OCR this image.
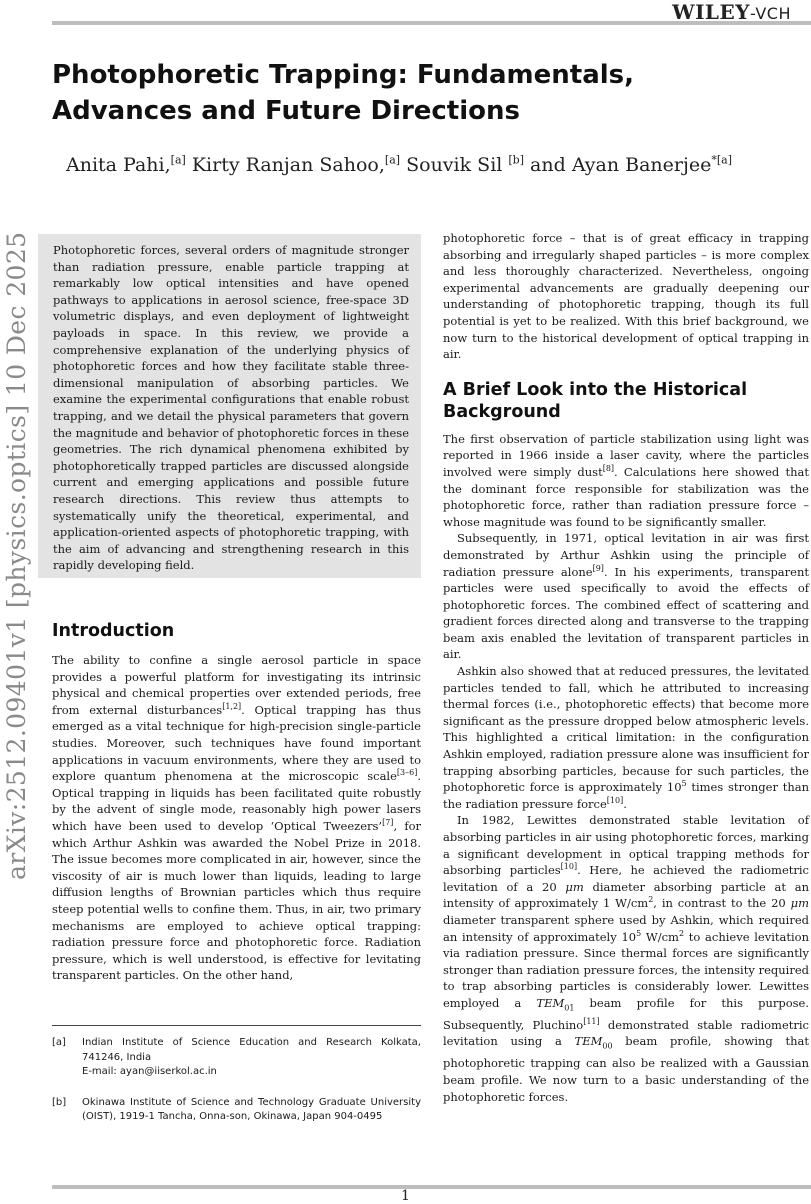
WILEY-VCH
arXiv:2512.09401v1 [physics.optics] 10 Dec 2025
Photophoretic Trapping: Fundamentals, Advances and Future Directions
Anita Pahi,[a] Kirty Ranjan Sahoo,[a] Souvik Sil [b] and Ayan Banerjee$^{*[a]}$

Photophoretic forces, several orders of magnitude stronger than radiation pressure, enable particle trapping at remarkably low optical intensities and have opened pathways to applications in aerosol science, free-space 3D volumetric displays, and even deployment of lightweight payloads in space. In this review, we provide a comprehensive explanation of the underlying physics of photophoretic forces and how they facilitate stable three-dimensional manipulation of absorbing particles. We examine the experimental configurations that enable robust trapping, and we detail the physical parameters that govern the magnitude and behavior of photophoretic forces in these geometries. The rich dynamical phenomena exhibited by photophoretically trapped particles are discussed alongside current and emerging applications and possible future research directions. This review thus attempts to systematically unify the theoretical, experimental, and application-oriented aspects of photophoretic trapping, with the aim of advancing and strengthening research in this rapidly developing field.

Introduction

The ability to confine a single aerosol particle in space provides a powerful platform for investigating its intrinsic physical and chemical properties over extended periods, free from external disturbances[1,2]. Optical trapping has thus emerged as a vital technique for high-precision single-particle studies. Moreover, such techniques have found important applications in vacuum environments, where they are used to explore quantum phenomena at the microscopic scale[3–6]. Optical trapping in liquids has been facilitated quite robustly by the advent of single mode, reasonably high power lasers which have been used to develop ‘Optical Tweezers’[7], for which Arthur Ashkin was awarded the Nobel Prize in 2018. The issue becomes more complicated in air, however, since the viscosity of air is much lower than liquids, leading to large diffusion lengths of Brownian particles which thus require steep potential wells to confine them. Thus, in air, two primary mechanisms are employed to achieve optical trapping: radiation pressure force and photophoretic force. Radiation pressure, which is well understood, is effective for levitating transparent particles. On the other hand,

photophoretic force – that is of great efficacy in trapping absorbing and irregularly shaped particles – is more complex and less thoroughly characterized. Nevertheless, ongoing experimental advancements are gradually deepening our understanding of photophoretic trapping, though its full potential is yet to be realized. With this brief background, we now turn to the historical development of optical trapping in air.

A Brief Look into the Historical Background

The first observation of particle stabilization using light was reported in 1966 inside a laser cavity, where the particles involved were simply dust[8]. Calculations here showed that the dominant force responsible for stabilization was the photophoretic force, rather than radiation pressure force – whose magnitude was found to be significantly smaller.

Subsequently, in 1971, optical levitation in air was first demonstrated by Arthur Ashkin using the principle of radiation pressure alone[9]. In his experiments, transparent particles were used specifically to avoid the effects of photophoretic forces. The combined effect of scattering and gradient forces directed along and transverse to the trapping beam axis enabled the levitation of transparent particles in air.

Ashkin also showed that at reduced pressures, the levitated particles tended to fall, which he attributed to increasing thermal forces (i.e., photophoretic effects) that become more significant as the pressure dropped below atmospheric levels. This highlighted a critical limitation: in the configuration Ashkin employed, radiation pressure alone was insufficient for trapping absorbing particles, because for such particles, the photophoretic force is approximately $10^5$ times stronger than the radiation pressure force[10].

In 1982, Lewittes demonstrated stable levitation of absorbing particles in air using photophoretic forces, marking a significant development in optical trapping methods for absorbing particles[10]. Here, he achieved the radiometric levitation of a 20 μm diameter absorbing particle at an intensity of approximately 1 $W/cm^2$, in contrast to the 20 μm diameter transparent sphere used by Ashkin, which required an intensity of approximately $10^5$ $W/cm^2$ to achieve levitation via radiation pressure. Since thermal forces are significantly stronger than radiation pressure forces, the intensity required to trap absorbing particles is considerably lower. Lewittes employed a $TEM_{01}$ beam profile for this purpose. Subsequently, Pluchino[11] demonstrated stable radiometric levitation using a $TEM_{00}$ beam profile, showing that photophoretic trapping can also be realized with a Gaussian beam profile. We now turn to a basic understanding of the photophoretic forces.

[a]	Indian Institute of Science Education and Research Kolkata, 741246, India
E-mail: ayan@iiserkol.ac.in
[b]	Okinawa Institute of Science and Technology Graduate University (OIST), 1919-1 Tancha, Onna-son, Okinawa, Japan 904-0495
1
